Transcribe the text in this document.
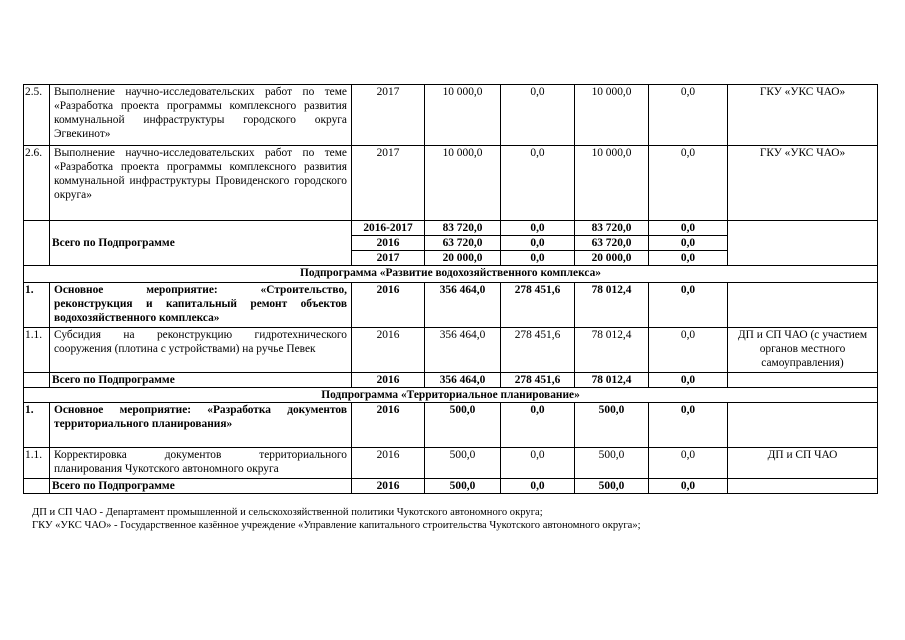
2.5.	Выполнение научно-исследовательских работ по теме «Разработка проекта программы комплексного развития коммунальной инфраструктуры городского округа Эгвекинот»	2017	10 000,0	0,0	10 000,0	0,0	ГКУ «УКС ЧАО»
2.6.	Выполнение научно-исследовательских работ по теме «Разработка проекта программы комплексного развития коммунальной инфраструктуры Провиденского городского округа»	2017	10 000,0	0,0	10 000,0	0,0	ГКУ «УКС ЧАО»
	Всего по Подпрограмме	2016-2017	83 720,0	0,0	83 720,0	0,0	
		2016	63 720,0	0,0	63 720,0	0,0	
		2017	20 000,0	0,0	20 000,0	0,0	
Подпрограмма «Развитие водохозяйственного комплекса»							
1.	Основное мероприятие: «Строительство, реконструкция и капитальный ремонт объектов водохозяйственного комплекса»	2016	356 464,0	278 451,6	78 012,4	0,0	
1.1.	Субсидия на реконструкцию гидротехнического сооружения (плотина с устройствами) на ручье Певек	2016	356 464,0	278 451,6	78 012,4	0,0	ДП и СП ЧАО (с участием органов местного самоуправления)
	Всего по Подпрограмме	2016	356 464,0	278 451,6	78 012,4	0,0	
Подпрограмма «Территориальное планирование»							
1.	Основное мероприятие: «Разработка документов территориального планирования»	2016	500,0	0,0	500,0	0,0	
1.1.	Корректировка документов территориального планирования Чукотского автономного округа	2016	500,0	0,0	500,0	0,0	ДП и СП ЧАО
	Всего по Подпрограмме	2016	500,0	0,0	500,0	0,0	
ДП и СП ЧАО - Департамент промышленной и сельскохозяйственной политики Чукотского автономного округа;
ГКУ «УКС ЧАО» - Государственное казённое учреждение «Управление капитального строительства Чукотского автономного округа»;
